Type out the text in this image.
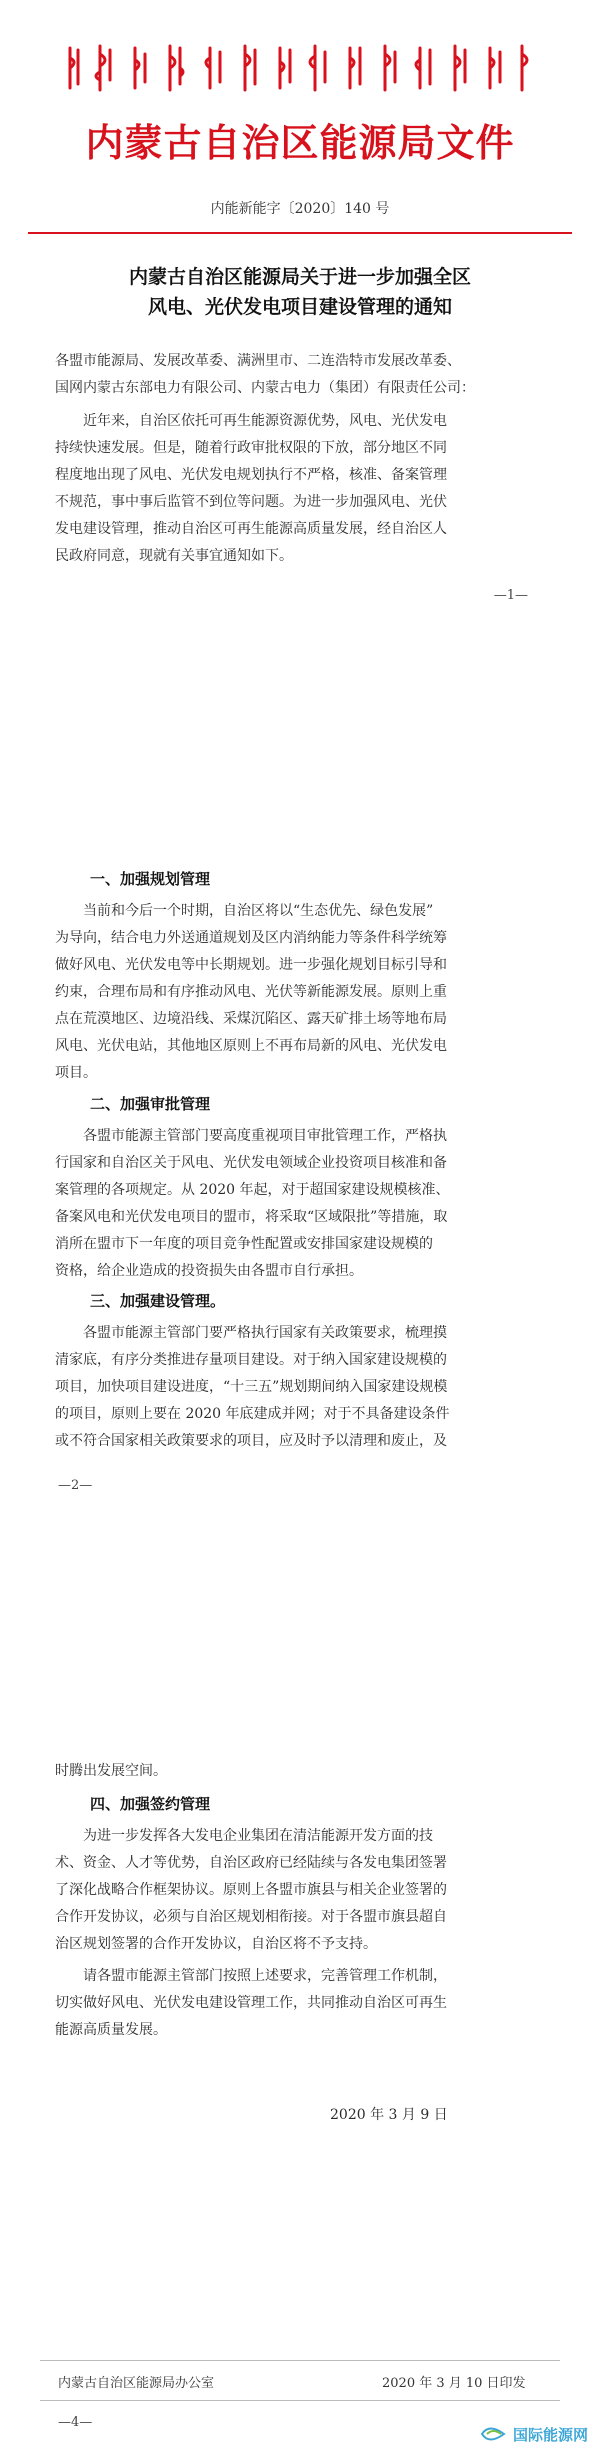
内蒙古自治区能源局文件
内能新能字〔2020〕140 号
内蒙古自治区能源局关于进一步加强全区
风电、光伏发电项目建设管理的通知
各盟市能源局、发展改革委、满洲里市、二连浩特市发展改革委、
国网内蒙古东部电力有限公司、内蒙古电力（集团）有限责任公司：
近年来，自治区依托可再生能源资源优势，风电、光伏发电
持续快速发展。但是，随着行政审批权限的下放，部分地区不同
程度地出现了风电、光伏发电规划执行不严格，核准、备案管理
不规范，事中事后监管不到位等问题。为进一步加强风电、光伏
发电建设管理，推动自治区可再生能源高质量发展，经自治区人
民政府同意，现就有关事宜通知如下。
—1—
一、加强规划管理
当前和今后一个时期，自治区将以“生态优先、绿色发展”
为导向，结合电力外送通道规划及区内消纳能力等条件科学统筹
做好风电、光伏发电等中长期规划。进一步强化规划目标引导和
约束，合理布局和有序推动风电、光伏等新能源发展。原则上重
点在荒漠地区、边境沿线、采煤沉陷区、露天矿排土场等地布局
风电、光伏电站，其他地区原则上不再布局新的风电、光伏发电
项目。
二、加强审批管理
各盟市能源主管部门要高度重视项目审批管理工作，严格执
行国家和自治区关于风电、光伏发电领域企业投资项目核准和备
案管理的各项规定。从 2020 年起，对于超国家建设规模核准、
备案风电和光伏发电项目的盟市，将采取“区域限批”等措施，取
消所在盟市下一年度的项目竞争性配置或安排国家建设规模的
资格，给企业造成的投资损失由各盟市自行承担。
三、加强建设管理。
各盟市能源主管部门要严格执行国家有关政策要求，梳理摸
清家底，有序分类推进存量项目建设。对于纳入国家建设规模的
项目，加快项目建设进度，“十三五”规划期间纳入国家建设规模
的项目，原则上要在 2020 年底建成并网；对于不具备建设条件
或不符合国家相关政策要求的项目，应及时予以清理和废止，及
—2—
时腾出发展空间。
四、加强签约管理
为进一步发挥各大发电企业集团在清洁能源开发方面的技
术、资金、人才等优势，自治区政府已经陆续与各发电集团签署
了深化战略合作框架协议。原则上各盟市旗县与相关企业签署的
合作开发协议，必须与自治区规划相衔接。对于各盟市旗县超自
治区规划签署的合作开发协议，自治区将不予支持。
请各盟市能源主管部门按照上述要求，完善管理工作机制，
切实做好风电、光伏发电建设管理工作，共同推动自治区可再生
能源高质量发展。
2020 年 3 月 9 日
内蒙古自治区能源局办公室	2020 年 3 月 10 日印发
—4—
国际能源网
